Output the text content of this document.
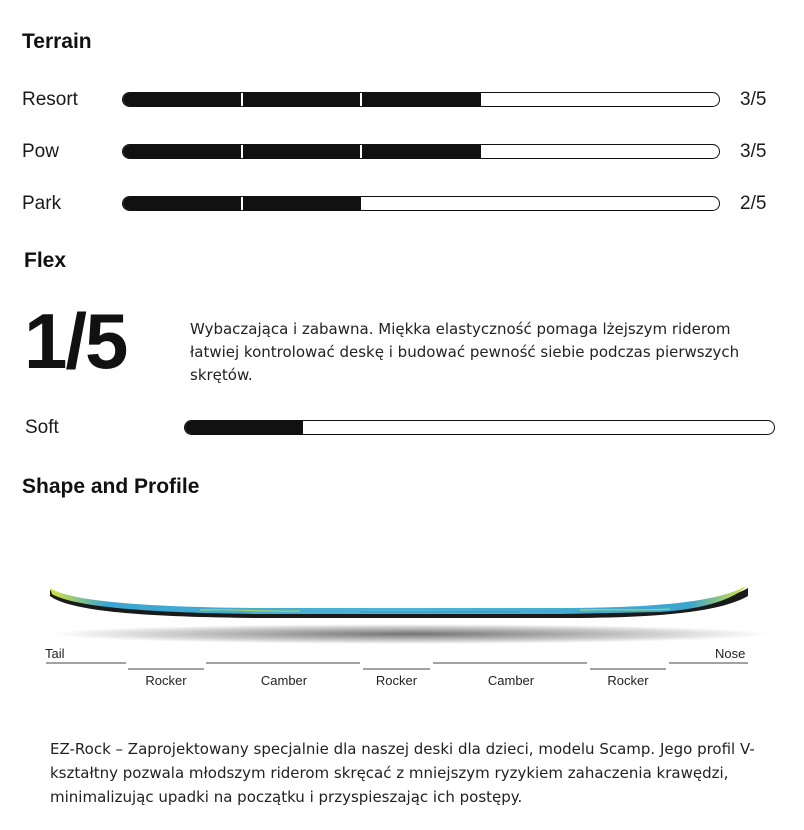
Terrain
Resort	3/5
Pow	3/5
Park	2/5
Flex
1/5	Wybaczająca i zabawna. Miękka elastyczność pomaga lżejszym riderom łatwiej kontrolować deskę i budować pewność siebie podczas pierwszych skrętów.
Soft
Shape and Profile
Tail	Nose
Rocker	Camber	Rocker	Camber	Rocker
EZ-Rock – Zaprojektowany specjalnie dla naszej deski dla dzieci, modelu Scamp. Jego profil V-kształtny pozwala młodszym riderom skręcać z mniejszym ryzykiem zahaczenia krawędzi, minimalizując upadki na początku i przyspieszając ich postępy.
